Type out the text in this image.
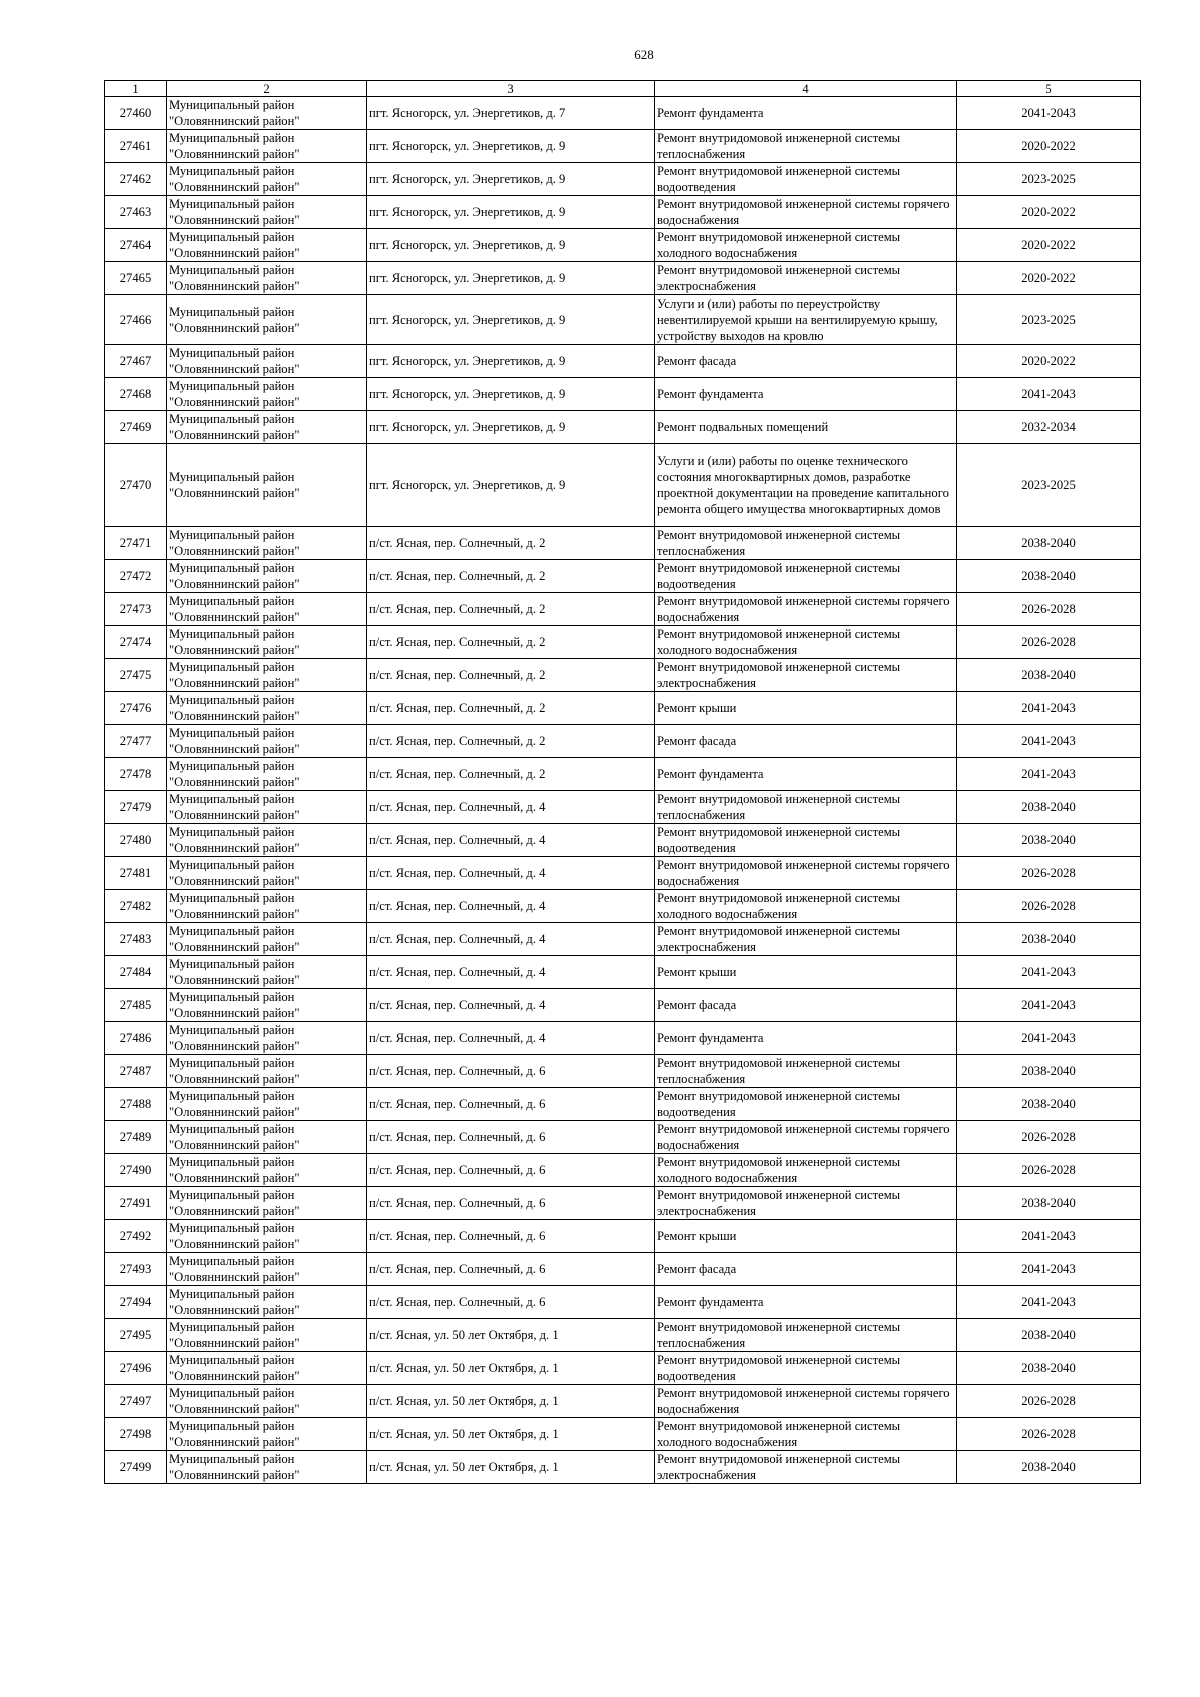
628
1	2	3	4	5
27460	Муниципальный район "Оловяннинский район"	пгт. Ясногорск, ул. Энергетиков, д. 7	Ремонт фундамента	2041-2043
27461	Муниципальный район "Оловяннинский район"	пгт. Ясногорск, ул. Энергетиков, д. 9	Ремонт внутридомовой инженерной системы теплоснабжения	2020-2022
27462	Муниципальный район "Оловяннинский район"	пгт. Ясногорск, ул. Энергетиков, д. 9	Ремонт внутридомовой инженерной системы водоотведения	2023-2025
27463	Муниципальный район "Оловяннинский район"	пгт. Ясногорск, ул. Энергетиков, д. 9	Ремонт внутридомовой инженерной системы горячего водоснабжения	2020-2022
27464	Муниципальный район "Оловяннинский район"	пгт. Ясногорск, ул. Энергетиков, д. 9	Ремонт внутридомовой инженерной системы холодного водоснабжения	2020-2022
27465	Муниципальный район "Оловяннинский район"	пгт. Ясногорск, ул. Энергетиков, д. 9	Ремонт внутридомовой инженерной системы электроснабжения	2020-2022
27466	Муниципальный район "Оловяннинский район"	пгт. Ясногорск, ул. Энергетиков, д. 9	Услуги и (или) работы по переустройству невентилируемой крыши на вентилируемую крышу, устройству выходов на кровлю	2023-2025
27467	Муниципальный район "Оловяннинский район"	пгт. Ясногорск, ул. Энергетиков, д. 9	Ремонт фасада	2020-2022
27468	Муниципальный район "Оловяннинский район"	пгт. Ясногорск, ул. Энергетиков, д. 9	Ремонт фундамента	2041-2043
27469	Муниципальный район "Оловяннинский район"	пгт. Ясногорск, ул. Энергетиков, д. 9	Ремонт подвальных помещений	2032-2034
27470	Муниципальный район "Оловяннинский район"	пгт. Ясногорск, ул. Энергетиков, д. 9	Услуги и (или) работы по оценке технического состояния многоквартирных домов, разработке проектной документации на проведение капитального ремонта общего имущества многоквартирных домов	2023-2025
27471	Муниципальный район "Оловяннинский район"	п/ст. Ясная, пер. Солнечный, д. 2	Ремонт внутридомовой инженерной системы теплоснабжения	2038-2040
27472	Муниципальный район "Оловяннинский район"	п/ст. Ясная, пер. Солнечный, д. 2	Ремонт внутридомовой инженерной системы водоотведения	2038-2040
27473	Муниципальный район "Оловяннинский район"	п/ст. Ясная, пер. Солнечный, д. 2	Ремонт внутридомовой инженерной системы горячего водоснабжения	2026-2028
27474	Муниципальный район "Оловяннинский район"	п/ст. Ясная, пер. Солнечный, д. 2	Ремонт внутридомовой инженерной системы холодного водоснабжения	2026-2028
27475	Муниципальный район "Оловяннинский район"	п/ст. Ясная, пер. Солнечный, д. 2	Ремонт внутридомовой инженерной системы электроснабжения	2038-2040
27476	Муниципальный район "Оловяннинский район"	п/ст. Ясная, пер. Солнечный, д. 2	Ремонт крыши	2041-2043
27477	Муниципальный район "Оловяннинский район"	п/ст. Ясная, пер. Солнечный, д. 2	Ремонт фасада	2041-2043
27478	Муниципальный район "Оловяннинский район"	п/ст. Ясная, пер. Солнечный, д. 2	Ремонт фундамента	2041-2043
27479	Муниципальный район "Оловяннинский район"	п/ст. Ясная, пер. Солнечный, д. 4	Ремонт внутридомовой инженерной системы теплоснабжения	2038-2040
27480	Муниципальный район "Оловяннинский район"	п/ст. Ясная, пер. Солнечный, д. 4	Ремонт внутридомовой инженерной системы водоотведения	2038-2040
27481	Муниципальный район "Оловяннинский район"	п/ст. Ясная, пер. Солнечный, д. 4	Ремонт внутридомовой инженерной системы горячего водоснабжения	2026-2028
27482	Муниципальный район "Оловяннинский район"	п/ст. Ясная, пер. Солнечный, д. 4	Ремонт внутридомовой инженерной системы холодного водоснабжения	2026-2028
27483	Муниципальный район "Оловяннинский район"	п/ст. Ясная, пер. Солнечный, д. 4	Ремонт внутридомовой инженерной системы электроснабжения	2038-2040
27484	Муниципальный район "Оловяннинский район"	п/ст. Ясная, пер. Солнечный, д. 4	Ремонт крыши	2041-2043
27485	Муниципальный район "Оловяннинский район"	п/ст. Ясная, пер. Солнечный, д. 4	Ремонт фасада	2041-2043
27486	Муниципальный район "Оловяннинский район"	п/ст. Ясная, пер. Солнечный, д. 4	Ремонт фундамента	2041-2043
27487	Муниципальный район "Оловяннинский район"	п/ст. Ясная, пер. Солнечный, д. 6	Ремонт внутридомовой инженерной системы теплоснабжения	2038-2040
27488	Муниципальный район "Оловяннинский район"	п/ст. Ясная, пер. Солнечный, д. 6	Ремонт внутридомовой инженерной системы водоотведения	2038-2040
27489	Муниципальный район "Оловяннинский район"	п/ст. Ясная, пер. Солнечный, д. 6	Ремонт внутридомовой инженерной системы горячего водоснабжения	2026-2028
27490	Муниципальный район "Оловяннинский район"	п/ст. Ясная, пер. Солнечный, д. 6	Ремонт внутридомовой инженерной системы холодного водоснабжения	2026-2028
27491	Муниципальный район "Оловяннинский район"	п/ст. Ясная, пер. Солнечный, д. 6	Ремонт внутридомовой инженерной системы электроснабжения	2038-2040
27492	Муниципальный район "Оловяннинский район"	п/ст. Ясная, пер. Солнечный, д. 6	Ремонт крыши	2041-2043
27493	Муниципальный район "Оловяннинский район"	п/ст. Ясная, пер. Солнечный, д. 6	Ремонт фасада	2041-2043
27494	Муниципальный район "Оловяннинский район"	п/ст. Ясная, пер. Солнечный, д. 6	Ремонт фундамента	2041-2043
27495	Муниципальный район "Оловяннинский район"	п/ст. Ясная, ул. 50 лет Октября, д. 1	Ремонт внутридомовой инженерной системы теплоснабжения	2038-2040
27496	Муниципальный район "Оловяннинский район"	п/ст. Ясная, ул. 50 лет Октября, д. 1	Ремонт внутридомовой инженерной системы водоотведения	2038-2040
27497	Муниципальный район "Оловяннинский район"	п/ст. Ясная, ул. 50 лет Октября, д. 1	Ремонт внутридомовой инженерной системы горячего водоснабжения	2026-2028
27498	Муниципальный район "Оловяннинский район"	п/ст. Ясная, ул. 50 лет Октября, д. 1	Ремонт внутридомовой инженерной системы холодного водоснабжения	2026-2028
27499	Муниципальный район "Оловяннинский район"	п/ст. Ясная, ул. 50 лет Октября, д. 1	Ремонт внутридомовой инженерной системы электроснабжения	2038-2040
